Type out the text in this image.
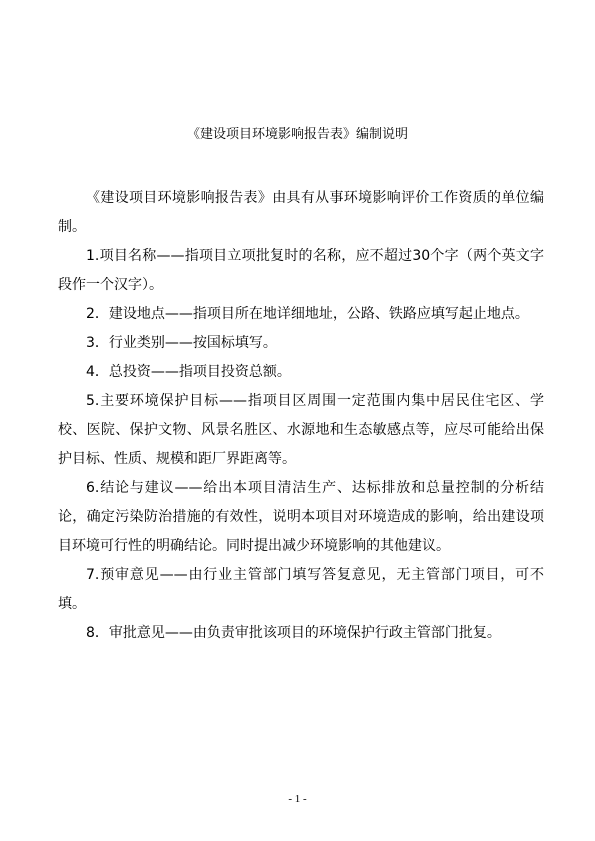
《建设项目环境影响报告表》编制说明

《建设项目环境影响报告表》由具有从事环境影响评价工作资质的单位编制。

1.项目名称——指项目立项批复时的名称，应不超过30个字（两个英文字段作一个汉字）。

2．建设地点——指项目所在地详细地址，公路、铁路应填写起止地点。

3．行业类别——按国标填写。

4．总投资——指项目投资总额。

5.主要环境保护目标——指项目区周围一定范围内集中居民住宅区、学校、医院、保护文物、风景名胜区、水源地和生态敏感点等，应尽可能给出保护目标、性质、规模和距厂界距离等。

6.结论与建议——给出本项目清洁生产、达标排放和总量控制的分析结论，确定污染防治措施的有效性，说明本项目对环境造成的影响，给出建设项目环境可行性的明确结论。同时提出减少环境影响的其他建议。

7.预审意见——由行业主管部门填写答复意见，无主管部门项目，可不填。

8．审批意见——由负责审批该项目的环境保护行政主管部门批复。

- 1 -
